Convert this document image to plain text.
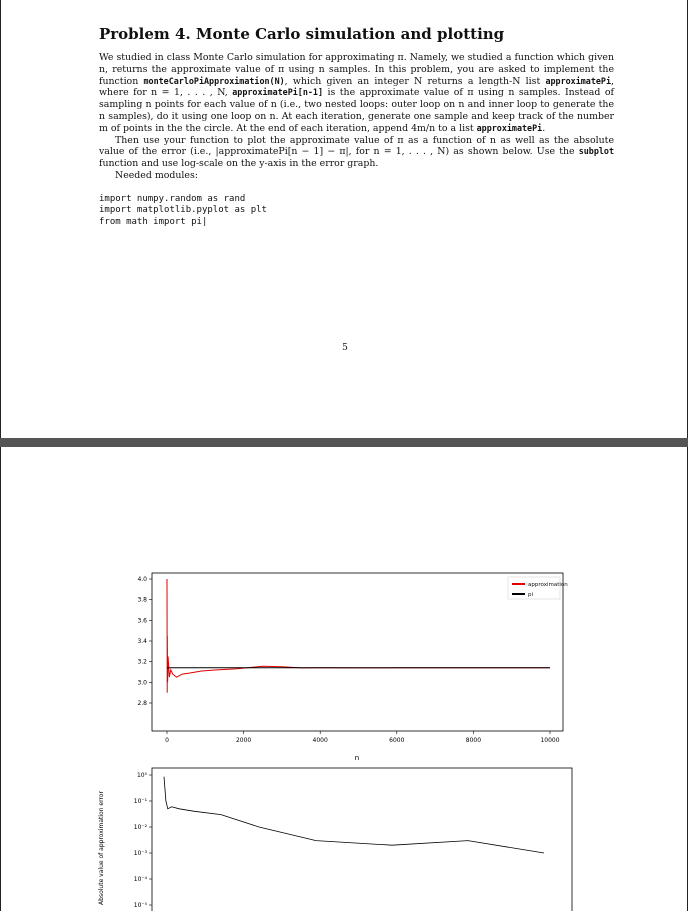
Problem 4. Monte Carlo simulation and plotting

We studied in class Monte Carlo simulation for approximating π. Namely, we studied a function which given n, returns the approximate value of π using n samples. In this problem, you are asked to implement the function monteCarloPiApproximation(N), which given an integer N returns a length-N list approximatePi, where for n = 1, . . . , N, approximatePi[n-1] is the approximate value of π using n samples. Instead of sampling n points for each value of n (i.e., two nested loops: outer loop on n and inner loop to generate the n samples), do it using one loop on n. At each iteration, generate one sample and keep track of the number m of points in the the circle. At the end of each iteration, append 4m/n to a list approximatePi.

Then use your function to plot the approximate value of π as a function of n as well as the absolute value of the error (i.e., |approximatePi[n − 1] − π|, for n = 1, . . . , N) as shown below. Use the subplot function and use log-scale on the y-axis in the error graph.

Needed modules:

import numpy.random as rand
import matplotlib.pyplot as plt
from math import pi|
5
4.0
3.8
3.6
3.4
3.2
3.0
2.8
0	2000	4000	6000	8000	10000
n
approximation
pi
10⁰
10⁻¹
10⁻²
10⁻³
10⁻⁴
10⁻⁵
Absolute value of approximation error
